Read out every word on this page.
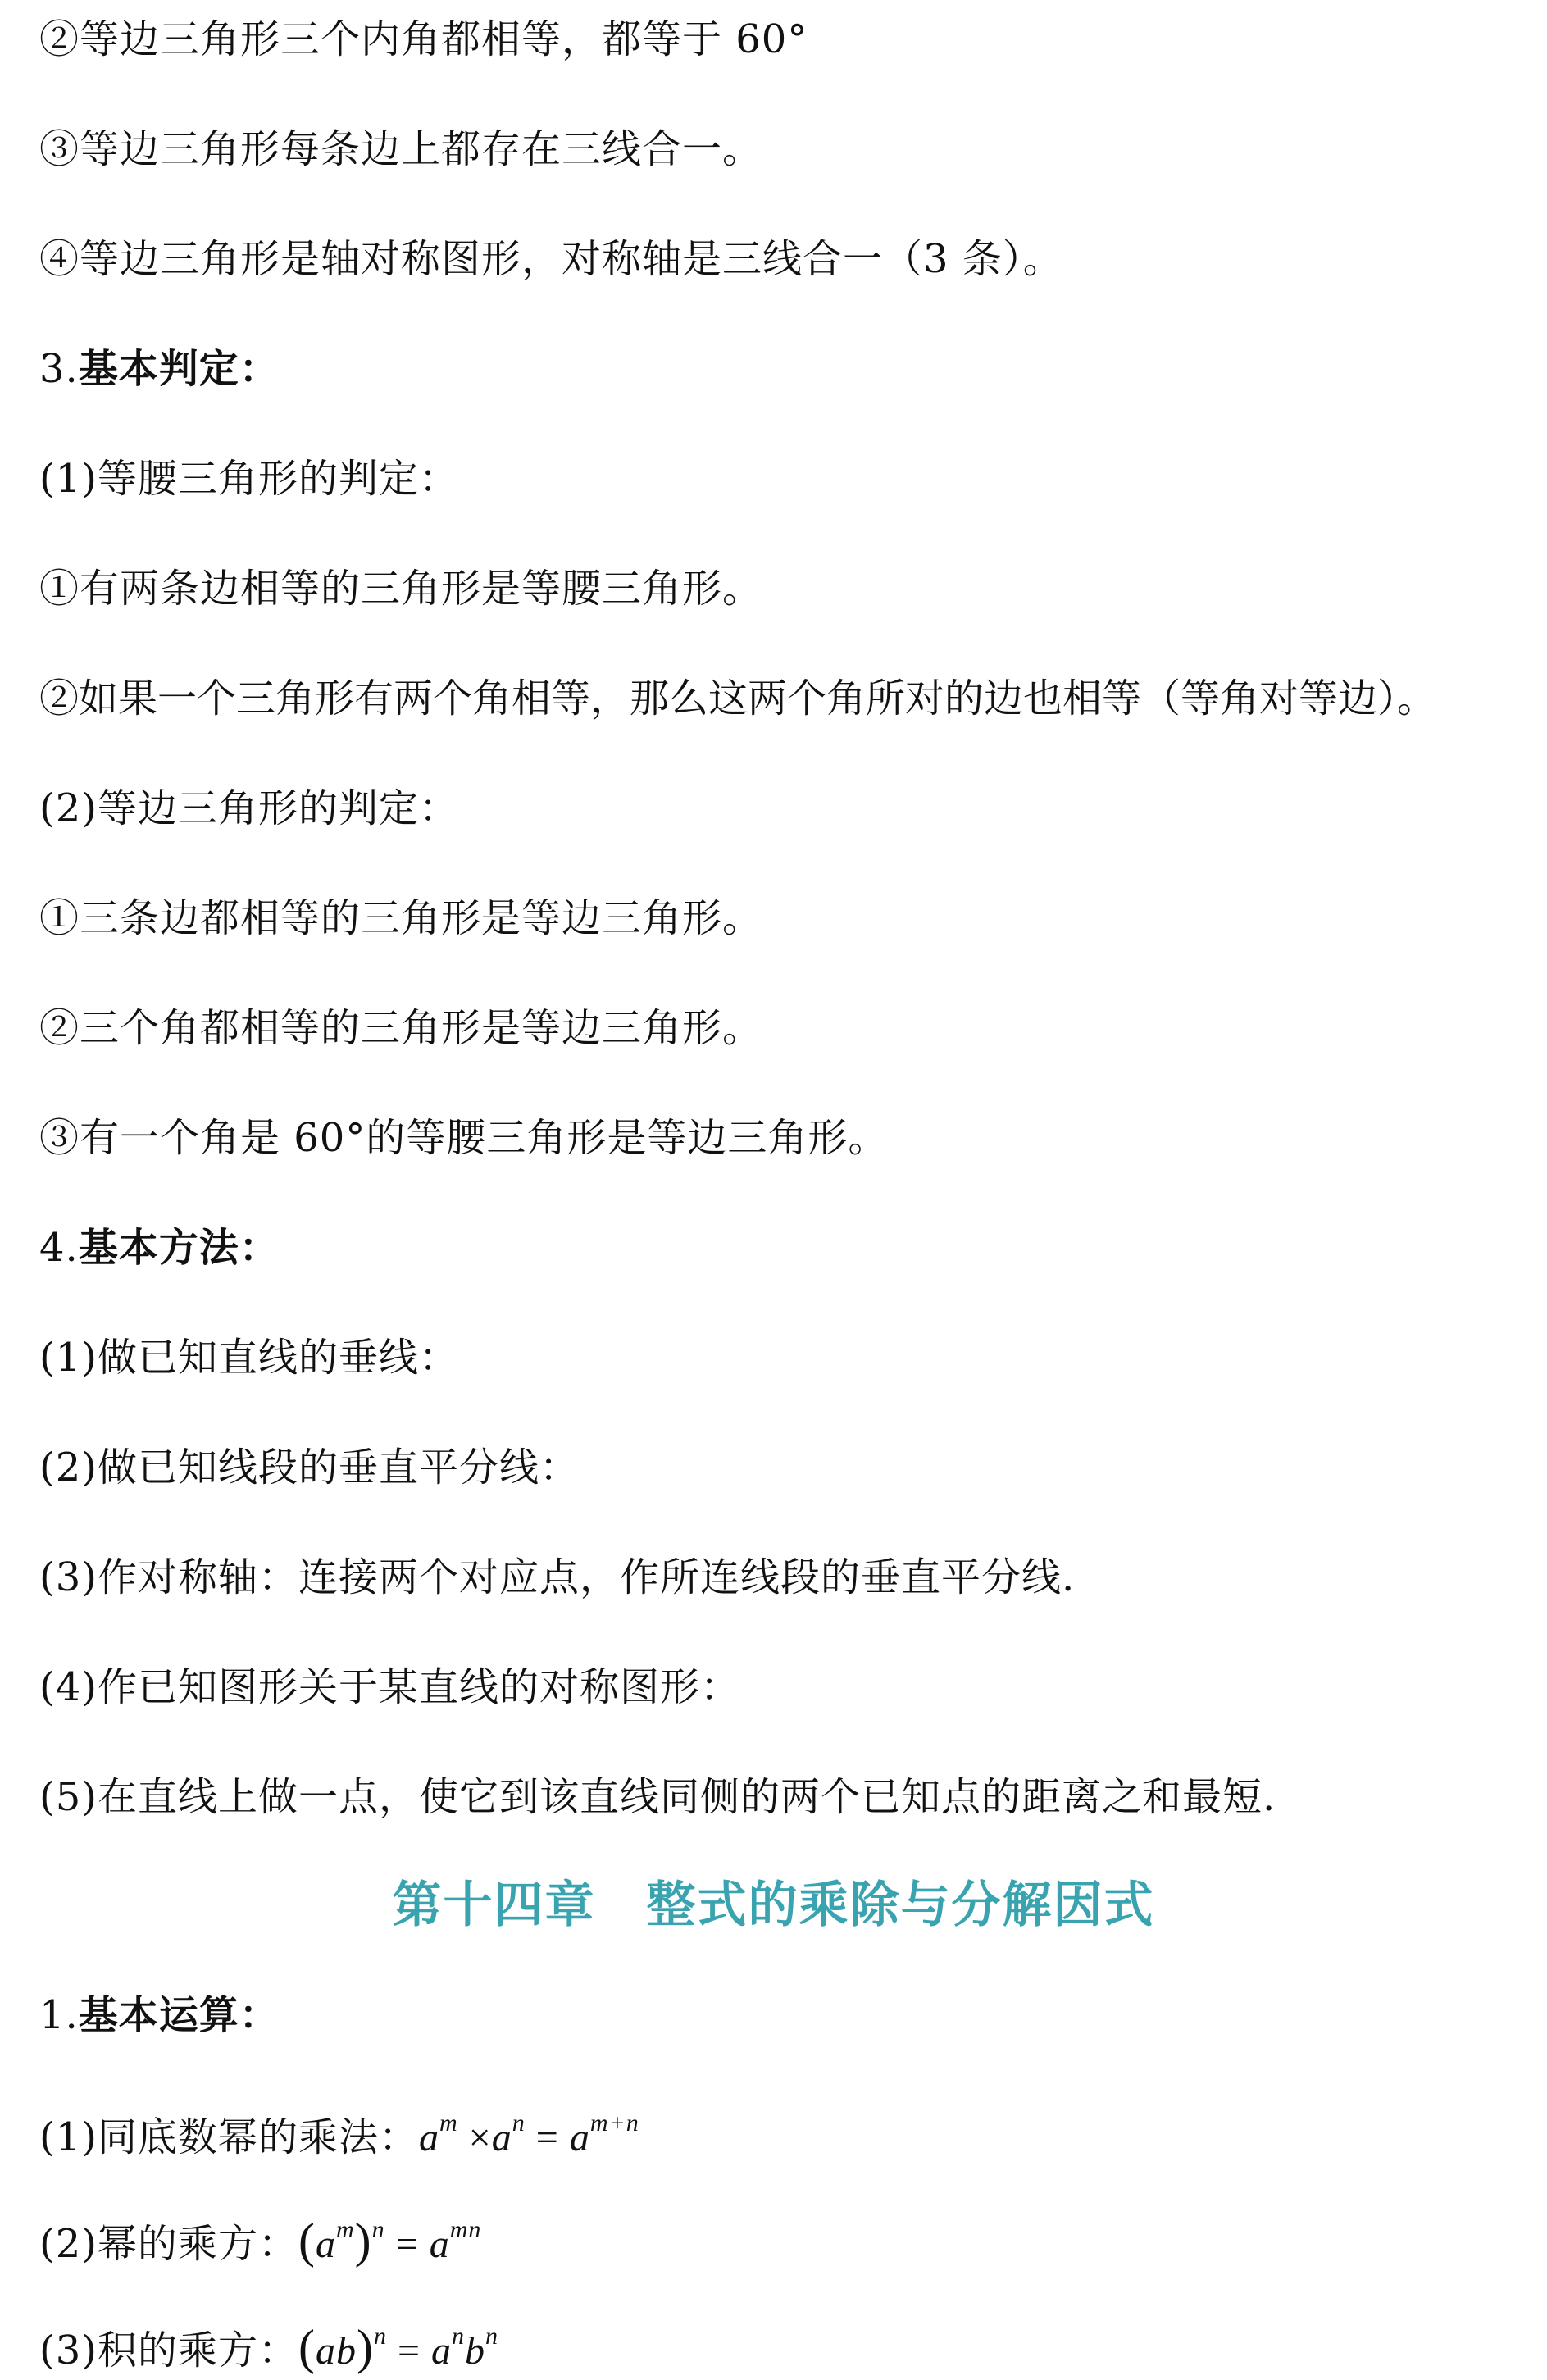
②等边三角形三个内角都相等，都等于 60°
③等边三角形每条边上都存在三线合一。
④等边三角形是轴对称图形，对称轴是三线合一（3 条）。
3.基本判定：
(1)等腰三角形的判定：
①有两条边相等的三角形是等腰三角形。
②如果一个三角形有两个角相等，那么这两个角所对的边也相等（等角对等边）。
(2)等边三角形的判定：
①三条边都相等的三角形是等边三角形。
②三个角都相等的三角形是等边三角形。
③有一个角是 60°的等腰三角形是等边三角形。
4.基本方法：
(1)做已知直线的垂线：
(2)做已知线段的垂直平分线：
(3)作对称轴：连接两个对应点，作所连线段的垂直平分线.
(4)作已知图形关于某直线的对称图形：
(5)在直线上做一点，使它到该直线同侧的两个已知点的距离之和最短.
第十四章　整式的乘除与分解因式
1.基本运算：
(1)同底数幂的乘法：$a^m \times a^n = a^{m+n}$
(2)幂的乘方：$(a^m)^n = a^{mn}$
(3)积的乘方：$(ab)^n = a^nb^n$
